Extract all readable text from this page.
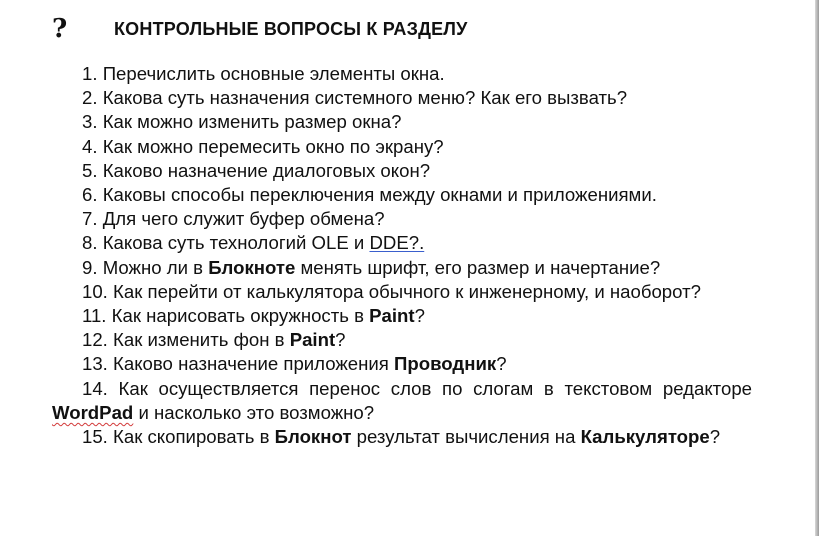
?	КОНТРОЛЬНЫЕ ВОПРОСЫ К РАЗДЕЛУ
1. Перечислить основные элементы окна.
2. Какова суть назначения системного меню? Как его вызвать?
3. Как можно изменить размер окна?
4. Как можно перемесить окно по экрану?
5. Каково назначение диалоговых окон?
6. Каковы способы переключения между окнами и приложениями.
7. Для чего служит буфер обмена?
8. Какова суть технологий OLE и DDE?.
9. Можно ли в Блокноте менять шрифт, его размер и начертание?
10. Как перейти от калькулятора обычного к инженерному, и наоборот?
11. Как нарисовать окружность в Paint?
12. Как изменить фон в Paint?
13. Каково назначение приложения Проводник?
14. Как осуществляется перенос слов по слогам в текстовом редакторе WordPad и насколько это возможно?
15. Как скопировать в Блокнот результат вычисления на Калькуляторе?
